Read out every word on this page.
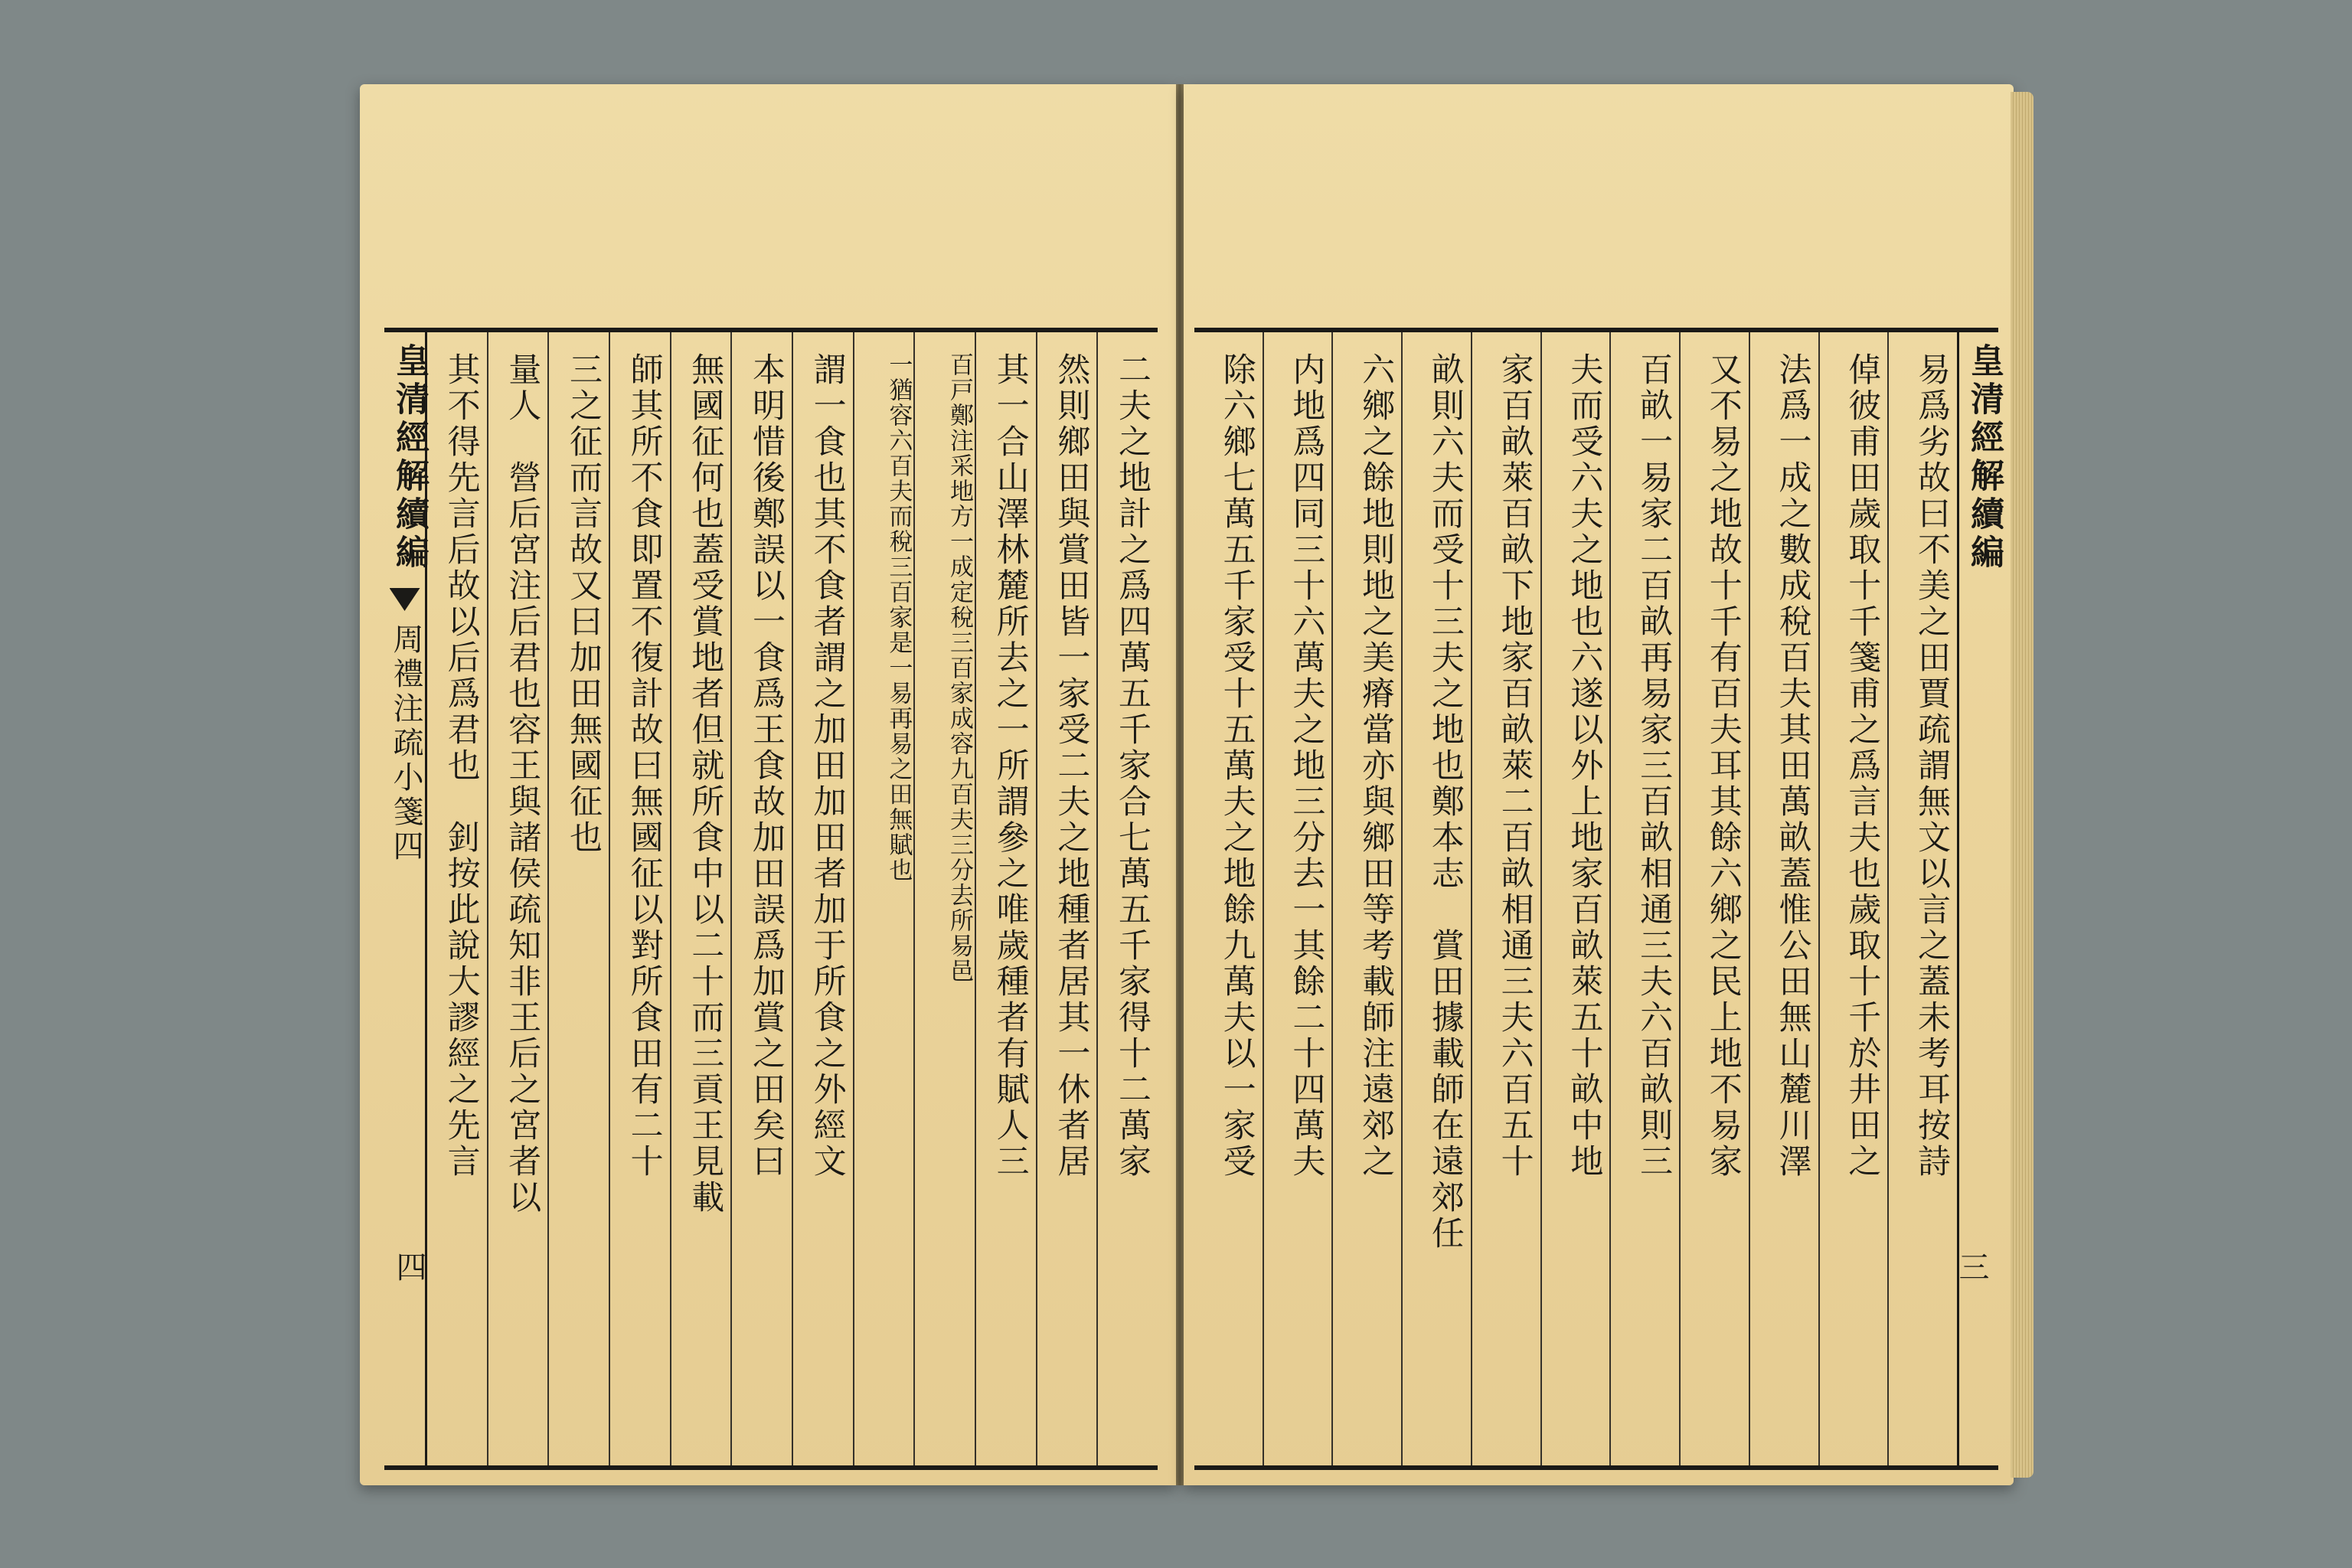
皇清經解續編
周禮注疏小箋四
四
二夫之地計之爲四萬五千家合七萬五千家得十二萬家
然則鄉田與賞田皆一家受二夫之地種者居其一休者居
其一合山澤林麓所去之一所謂參之唯歲種者有賦人三
百戸鄭注采地方一成定稅三百家成容九百夫三分去所易邑
一猶容六百夫而稅三百家是一易再易之田無賦也
謂一食也其不食者謂之加田加田者加于所食之外經文
本明惜後鄭誤以一食爲王食故加田誤爲加賞之田矣曰
無國征何也蓋受賞地者但就所食中以二十而三貢王見載
師其所不食即置不復計故曰無國征以對所食田有二十
三之征而言故又曰加田無國征也
量人　營后宮注后君也容王與諸侯疏知非王后之宮者以
其不得先言后故以后爲君也　釗按此說大謬經之先言	皇清經解續編
三
易爲劣故曰不美之田賈疏謂無文以言之蓋未考耳按詩
倬彼甫田歲取十千箋甫之爲言夫也歲取十千於井田之
法爲一成之數成稅百夫其田萬畝蓋惟公田無山麓川澤
又不易之地故十千有百夫耳其餘六鄉之民上地不易家
百畝一易家二百畝再易家三百畝相通三夫六百畝則三
夫而受六夫之地也六遂以外上地家百畝萊五十畝中地
家百畝萊百畝下地家百畝萊二百畝相通三夫六百五十
畝則六夫而受十三夫之地也鄭本志　賞田據載師在遠郊任
六鄉之餘地則地之美瘠當亦與鄉田等考載師注遠郊之
内地爲四同三十六萬夫之地三分去一其餘二十四萬夫
除六鄉七萬五千家受十五萬夫之地餘九萬夫以一家受
